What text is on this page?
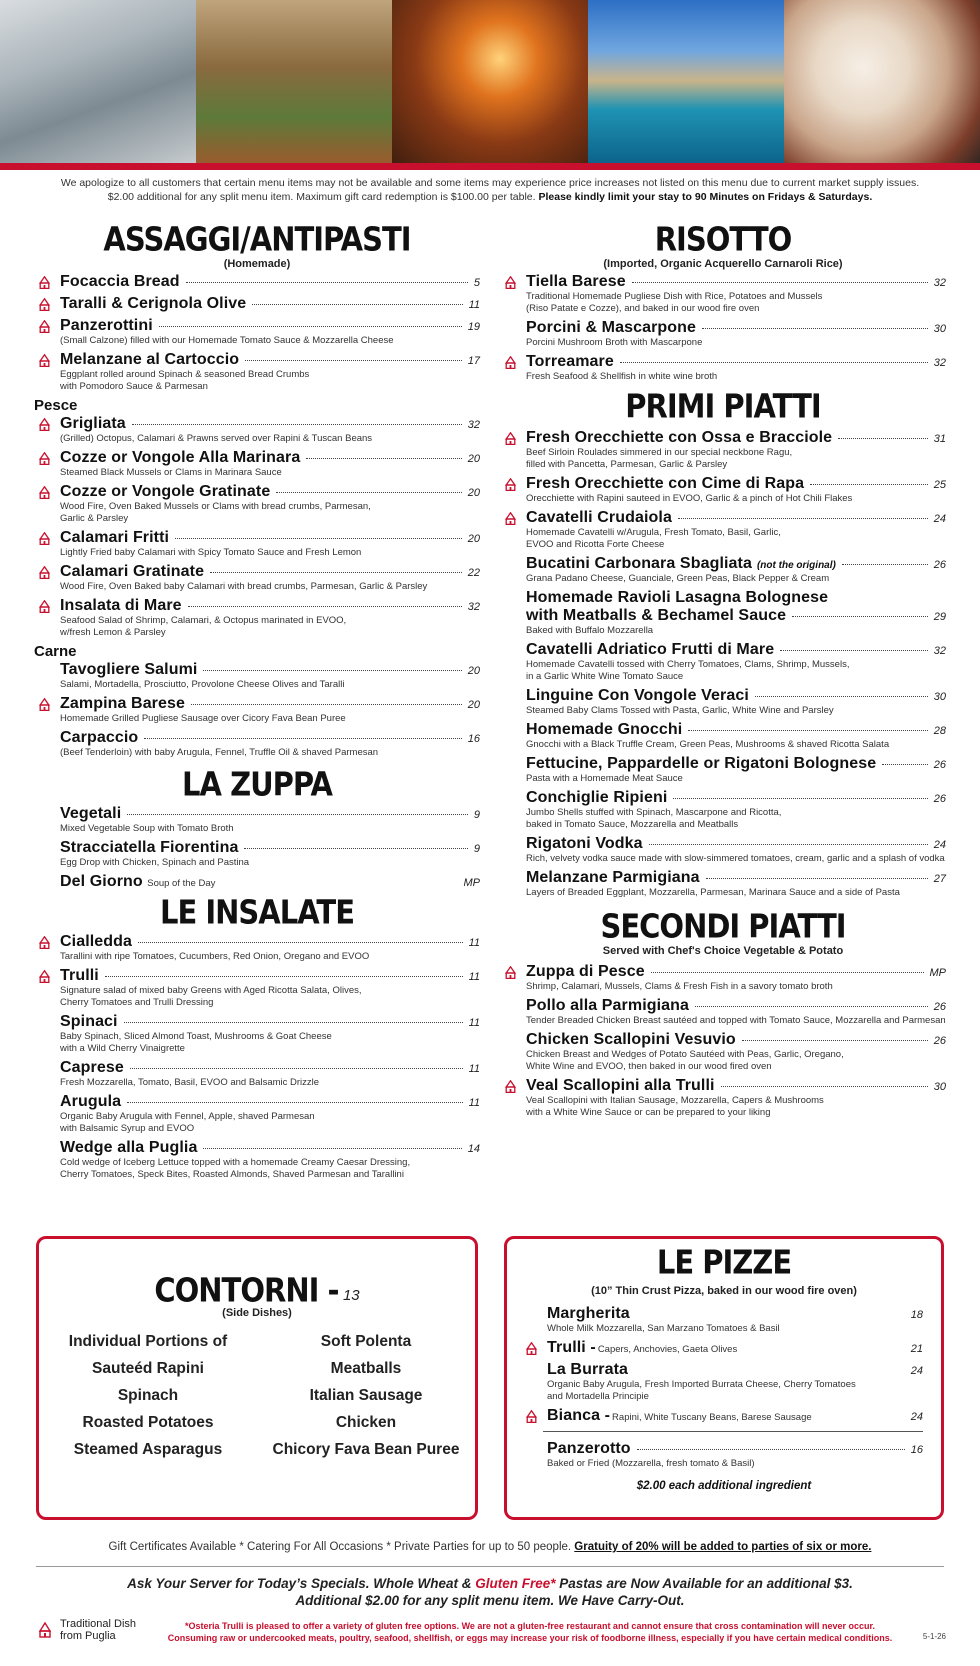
We apologize to all customers that certain menu items may not be available and some items may experience price increases not listed on this menu due to current market supply issues.
$2.00 additional for any split menu item. Maximum gift card redemption is $100.00 per table. Please kindly limit your stay to 90 Minutes on Fridays & Saturdays.
ASSAGGI/ANTIPASTI
(Homemade)
Focaccia Bread	5
Taralli & Cerignola Olive	11
Panzerottini	19
(Small Calzone) filled with our Homemade Tomato Sauce & Mozzarella Cheese
Melanzane al Cartoccio	17
Eggplant rolled around Spinach & seasoned Bread Crumbs
with Pomodoro Sauce & Parmesan
Pesce
Grigliata	32
(Grilled) Octopus, Calamari & Prawns served over Rapini & Tuscan Beans
Cozze or Vongole Alla Marinara	20
Steamed Black Mussels or Clams in Marinara Sauce
Cozze or Vongole Gratinate	20
Wood Fire, Oven Baked Mussels or Clams with bread crumbs, Parmesan,
Garlic & Parsley
Calamari Fritti	20
Lightly Fried baby Calamari with Spicy Tomato Sauce and Fresh Lemon
Calamari Gratinate	22
Wood Fire, Oven Baked baby Calamari with bread crumbs, Parmesan, Garlic & Parsley
Insalata di Mare	32
Seafood Salad of Shrimp, Calamari, & Octopus marinated in EVOO,
w/fresh Lemon & Parsley
Carne
Tavogliere Salumi	20
Salami, Mortadella, Prosciutto, Provolone Cheese Olives and Taralli
Zampina Barese	20
Homemade Grilled Pugliese Sausage over Cicory Fava Bean Puree
Carpaccio	16
(Beef Tenderloin) with baby Arugula, Fennel, Truffle Oil & shaved Parmesan
LA ZUPPA
Vegetali	9
Mixed Vegetable Soup with Tomato Broth
Stracciatella Fiorentina	9
Egg Drop with Chicken, Spinach and Pastina
Del Giorno
Soup of the Day	MP
LE INSALATE
Cialledda	11
Tarallini with ripe Tomatoes, Cucumbers, Red Onion, Oregano and EVOO
Trulli	11
Signature salad of mixed baby Greens with Aged Ricotta Salata, Olives,
Cherry Tomatoes and Trulli Dressing
Spinaci	11
Baby Spinach, Sliced Almond Toast, Mushrooms & Goat Cheese
with a Wild Cherry Vinaigrette
Caprese	11
Fresh Mozzarella, Tomato, Basil, EVOO and Balsamic Drizzle
Arugula	11
Organic Baby Arugula with Fennel, Apple, shaved Parmesan
with Balsamic Syrup and EVOO
Wedge alla Puglia	14
Cold wedge of Iceberg Lettuce topped with a homemade Creamy Caesar Dressing,
Cherry Tomatoes, Speck Bites, Roasted Almonds, Shaved Parmesan and Tarallini
RISOTTO
(Imported, Organic Acquerello Carnaroli Rice)
Tiella Barese	32
Traditional Homemade Pugliese Dish with Rice, Potatoes and Mussels
(Riso Patate e Cozze), and baked in our wood fire oven
Porcini & Mascarpone	30
Porcini Mushroom Broth with Mascarpone
Torreamare	32
Fresh Seafood & Shellfish in white wine broth
PRIMI PIATTI
Fresh Orecchiette con Ossa e Bracciole	31
Beef Sirloin Roulades simmered in our special neckbone Ragu,
filled with Pancetta, Parmesan, Garlic & Parsley
Fresh Orecchiette con Cime di Rapa	25
Orecchiette with Rapini sauteed in EVOO, Garlic & a pinch of Hot Chili Flakes
Cavatelli Crudaiola	24
Homemade Cavatelli w/Arugula, Fresh Tomato, Basil, Garlic,
EVOO and Ricotta Forte Cheese
Bucatini Carbonara Sbagliata (not the original)	26
Grana Padano Cheese, Guanciale, Green Peas, Black Pepper & Cream
Homemade Ravioli Lasagna Bolognese
with Meatballs & Bechamel Sauce	29
Baked with Buffalo Mozzarella
Cavatelli Adriatico Frutti di Mare	32
Homemade Cavatelli tossed with Cherry Tomatoes, Clams, Shrimp, Mussels,
in a Garlic White Wine Tomato Sauce
Linguine Con Vongole Veraci	30
Steamed Baby Clams Tossed with Pasta, Garlic, White Wine and Parsley
Homemade Gnocchi	28
Gnocchi with a Black Truffle Cream, Green Peas, Mushrooms & shaved Ricotta Salata
Fettucine, Pappardelle or Rigatoni Bolognese	26
Pasta with a Homemade Meat Sauce
Conchiglie Ripieni	26
Jumbo Shells stuffed with Spinach, Mascarpone and Ricotta,
baked in Tomato Sauce, Mozzarella and Meatballs
Rigatoni Vodka	24
Rich, velvety vodka sauce made with slow-simmered tomatoes, cream, garlic and a splash of vodka
Melanzane Parmigiana	27
Layers of Breaded Eggplant, Mozzarella, Parmesan, Marinara Sauce and a side of Pasta
SECONDI PIATTI
Served with Chef's Choice Vegetable & Potato
Zuppa di Pesce	MP
Shrimp, Calamari, Mussels, Clams & Fresh Fish in a savory tomato broth
Pollo alla Parmigiana	26
Tender Breaded Chicken Breast sautéed and topped with Tomato Sauce, Mozzarella and Parmesan
Chicken Scallopini Vesuvio	26
Chicken Breast and Wedges of Potato Sautéed with Peas, Garlic, Oregano,
White Wine and EVOO, then baked in our wood fired oven
Veal Scallopini alla Trulli	30
Veal Scallopini with Italian Sausage, Mozzarella, Capers & Mushrooms
with a White Wine Sauce or can be prepared to your liking
CONTORNI - 13
(Side Dishes)
Individual Portions of	Soft Polenta
Sauteéd Rapini	Meatballs
Spinach	Italian Sausage
Roasted Potatoes	Chicken
Steamed Asparagus	Chicory Fava Bean Puree
LE PIZZE
(10” Thin Crust Pizza, baked in our wood fire oven)
Margherita	18
Whole Milk Mozzarella, San Marzano Tomatoes & Basil
Trulli - Capers, Anchovies, Gaeta Olives	21
La Burrata	24
Organic Baby Arugula, Fresh Imported Burrata Cheese, Cherry Tomatoes
and Mortadella Principie
Bianca - Rapini, White Tuscany Beans, Barese Sausage	24
Panzerotto	16
Baked or Fried (Mozzarella, fresh tomato & Basil)
$2.00 each additional ingredient
Gift Certificates Available * Catering For All Occasions * Private Parties for up to 50 people. Gratuity of 20% will be added to parties of six or more.
Ask Your Server for Today’s Specials. Whole Wheat & Gluten Free* Pastas are Now Available for an additional $3.
Additional $2.00 for any split menu item. We Have Carry-Out.
Traditional Dish
from Puglia
*Osteria Trulli is pleased to offer a variety of gluten free options. We are not a gluten-free restaurant and cannot ensure that cross contamination will never occur.
Consuming raw or undercooked meats, poultry, seafood, shellfish, or eggs may increase your risk of foodborne illness, especially if you have certain medical conditions.	5-1-26
